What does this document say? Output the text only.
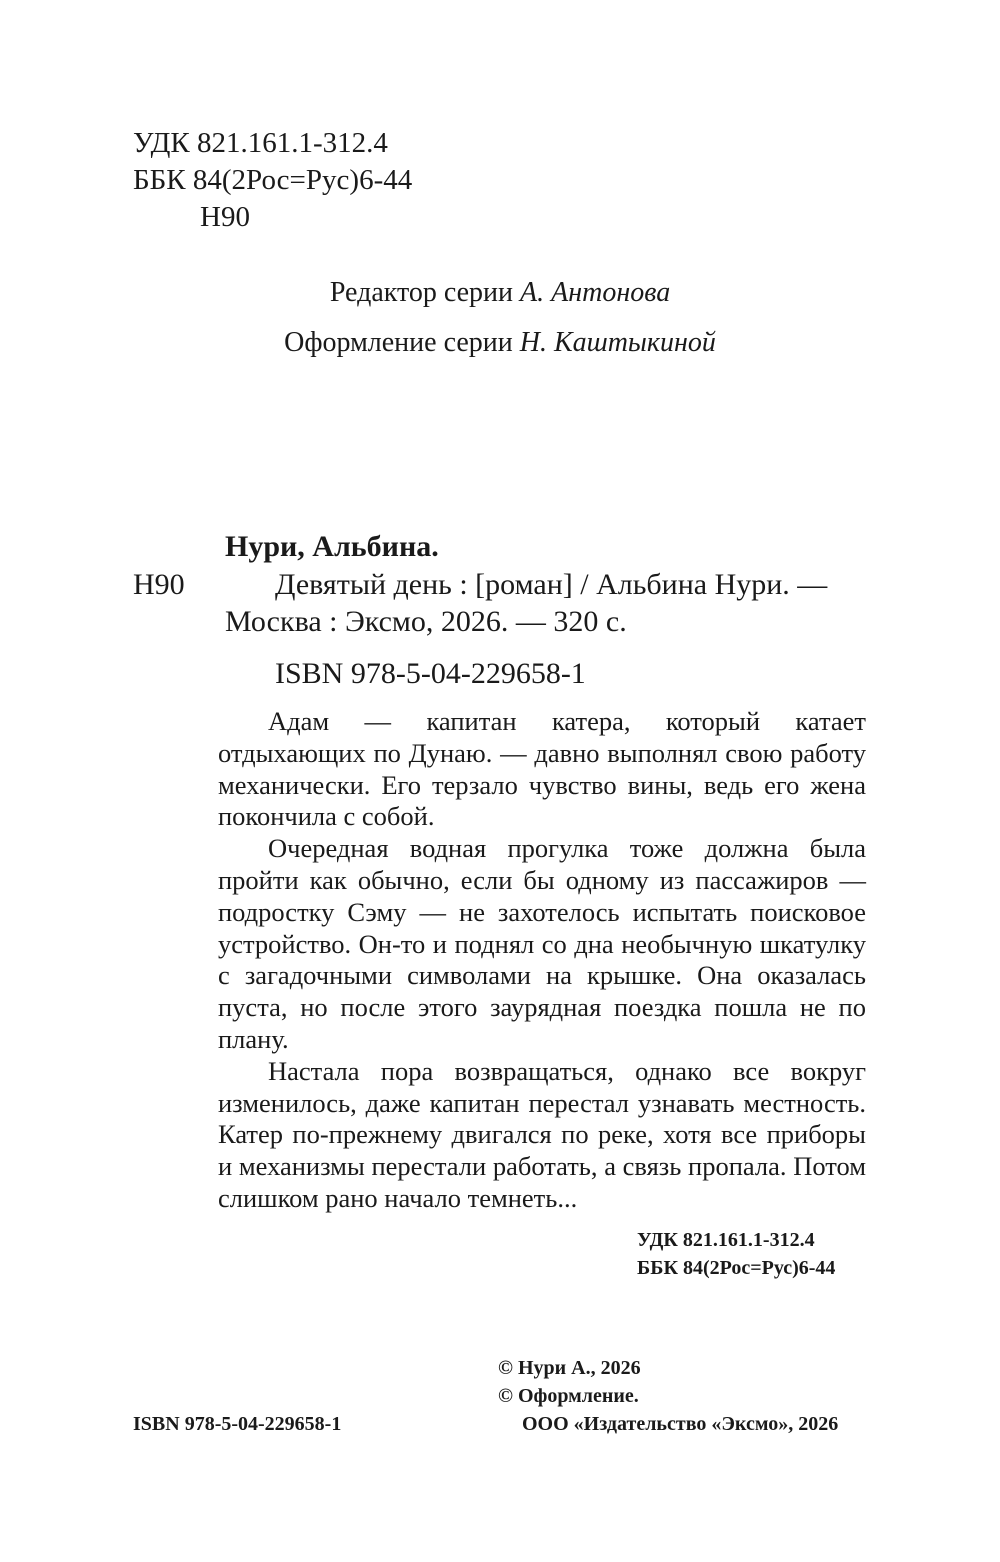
УДК 821.161.1-312.4
ББК 84(2Рос=Рус)6-44
Н90
Редактор серии А. Антонова
Оформление серии Н. Каштыкиной
Нури, Альбина.
Н90	Девятый день : [роман] / Альбина Нури. —
Москва : Эксмо, 2026. — 320 с.
ISBN 978-5-04-229658-1

Адам — капитан катера, который катает отдыхающих по Дунаю. — давно выполнял свою работу механически. Его терзало чувство вины, ведь его жена покончила с собой.

Очередная водная прогулка тоже должна была пройти как обычно, если бы одному из пассажиров — подростку Сэму — не захотелось испытать поисковое устройство. Он-то и поднял со дна необычную шкатулку с загадочными символами на крышке. Она оказалась пуста, но после этого заурядная поездка пошла не по плану.

Настала пора возвращаться, однако все вокруг изменилось, даже капитан перестал узнавать местность. Катер по-прежнему двигался по реке, хотя все приборы и механизмы перестали работать, а связь пропала. Потом слишком рано начало темнеть...

УДК 821.161.1-312.4
ББК 84(2Рос=Рус)6-44
© Нури А., 2026
© Оформление.
ООО «Издательство «Эксмо», 2026
ISBN 978-5-04-229658-1
